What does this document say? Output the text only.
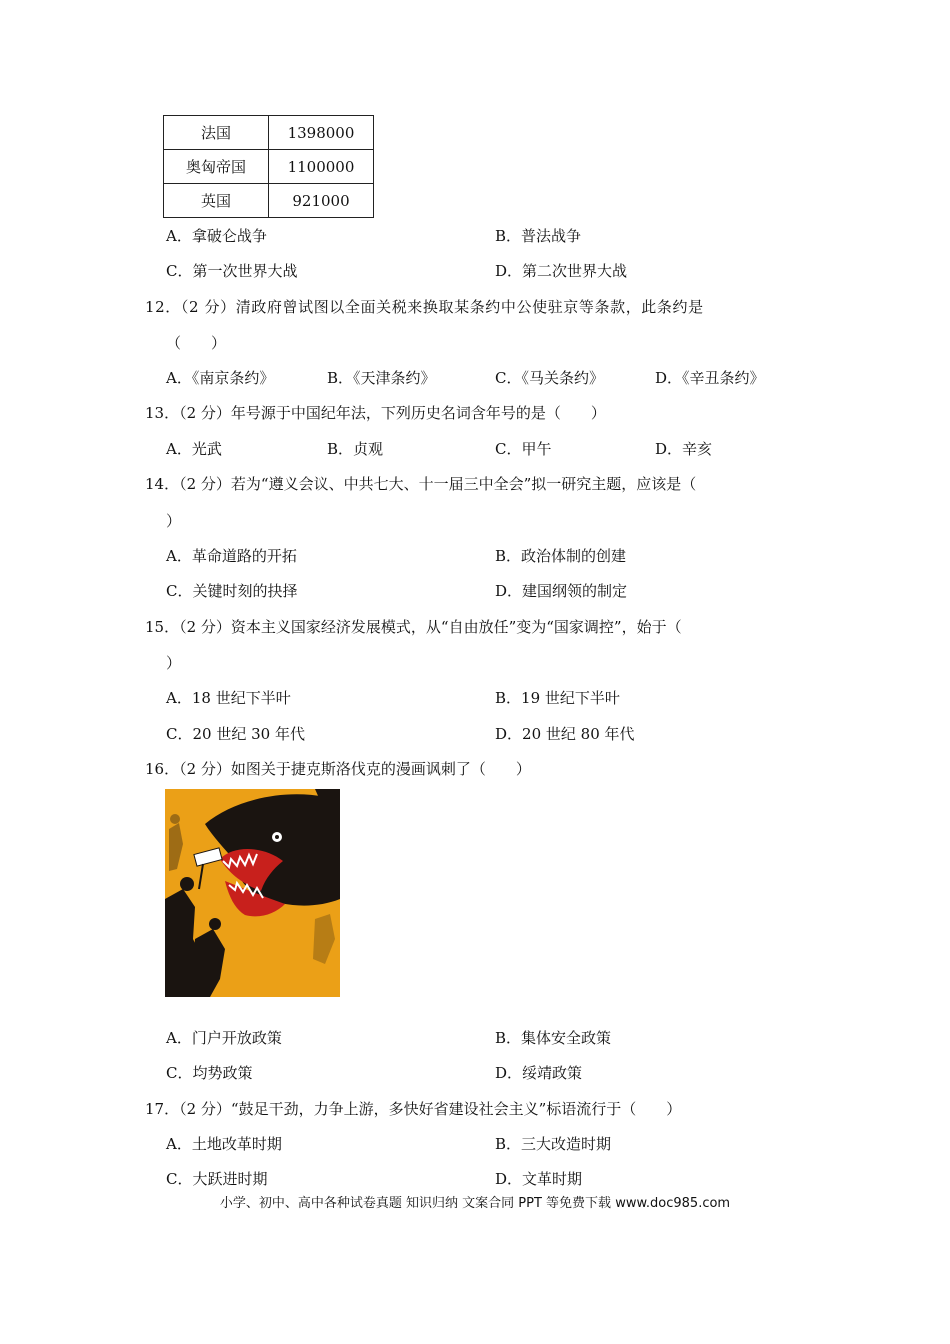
法国	1398000
奥匈帝国	1100000
英国	921000
A．拿破仑战争	B．普法战争
C．第一次世界大战	D．第二次世界大战
12．（2 分）清政府曾试图以全面关税来换取某条约中公使驻京等条款，此条约是
（　　）
A．《南京条约》	B．《天津条约》	C．《马关条约》	D．《辛丑条约》
13．（2 分）年号源于中国纪年法，下列历史名词含年号的是（　　）
A．光武	B．贞观	C．甲午	D．辛亥
14．（2 分）若为“遵义会议、中共七大、十一届三中全会”拟一研究主题，应该是（
）
A．革命道路的开拓	B．政治体制的创建
C．关键时刻的抉择	D．建国纲领的制定
15．（2 分）资本主义国家经济发展模式，从“自由放任”变为“国家调控”，始于（
）
A．18 世纪下半叶	B．19 世纪下半叶
C．20 世纪 30 年代	D．20 世纪 80 年代
16．（2 分）如图关于捷克斯洛伐克的漫画讽刺了（　　）
A．门户开放政策	B．集体安全政策
C．均势政策	D．绥靖政策
17．（2 分）“鼓足干劲，力争上游，多快好省建设社会主义”标语流行于（　　）
A．土地改革时期	B．三大改造时期
C．大跃进时期	D．文革时期
小学、初中、高中各种试卷真题 知识归纳 文案合同 PPT 等免费下载 www.doc985.com
